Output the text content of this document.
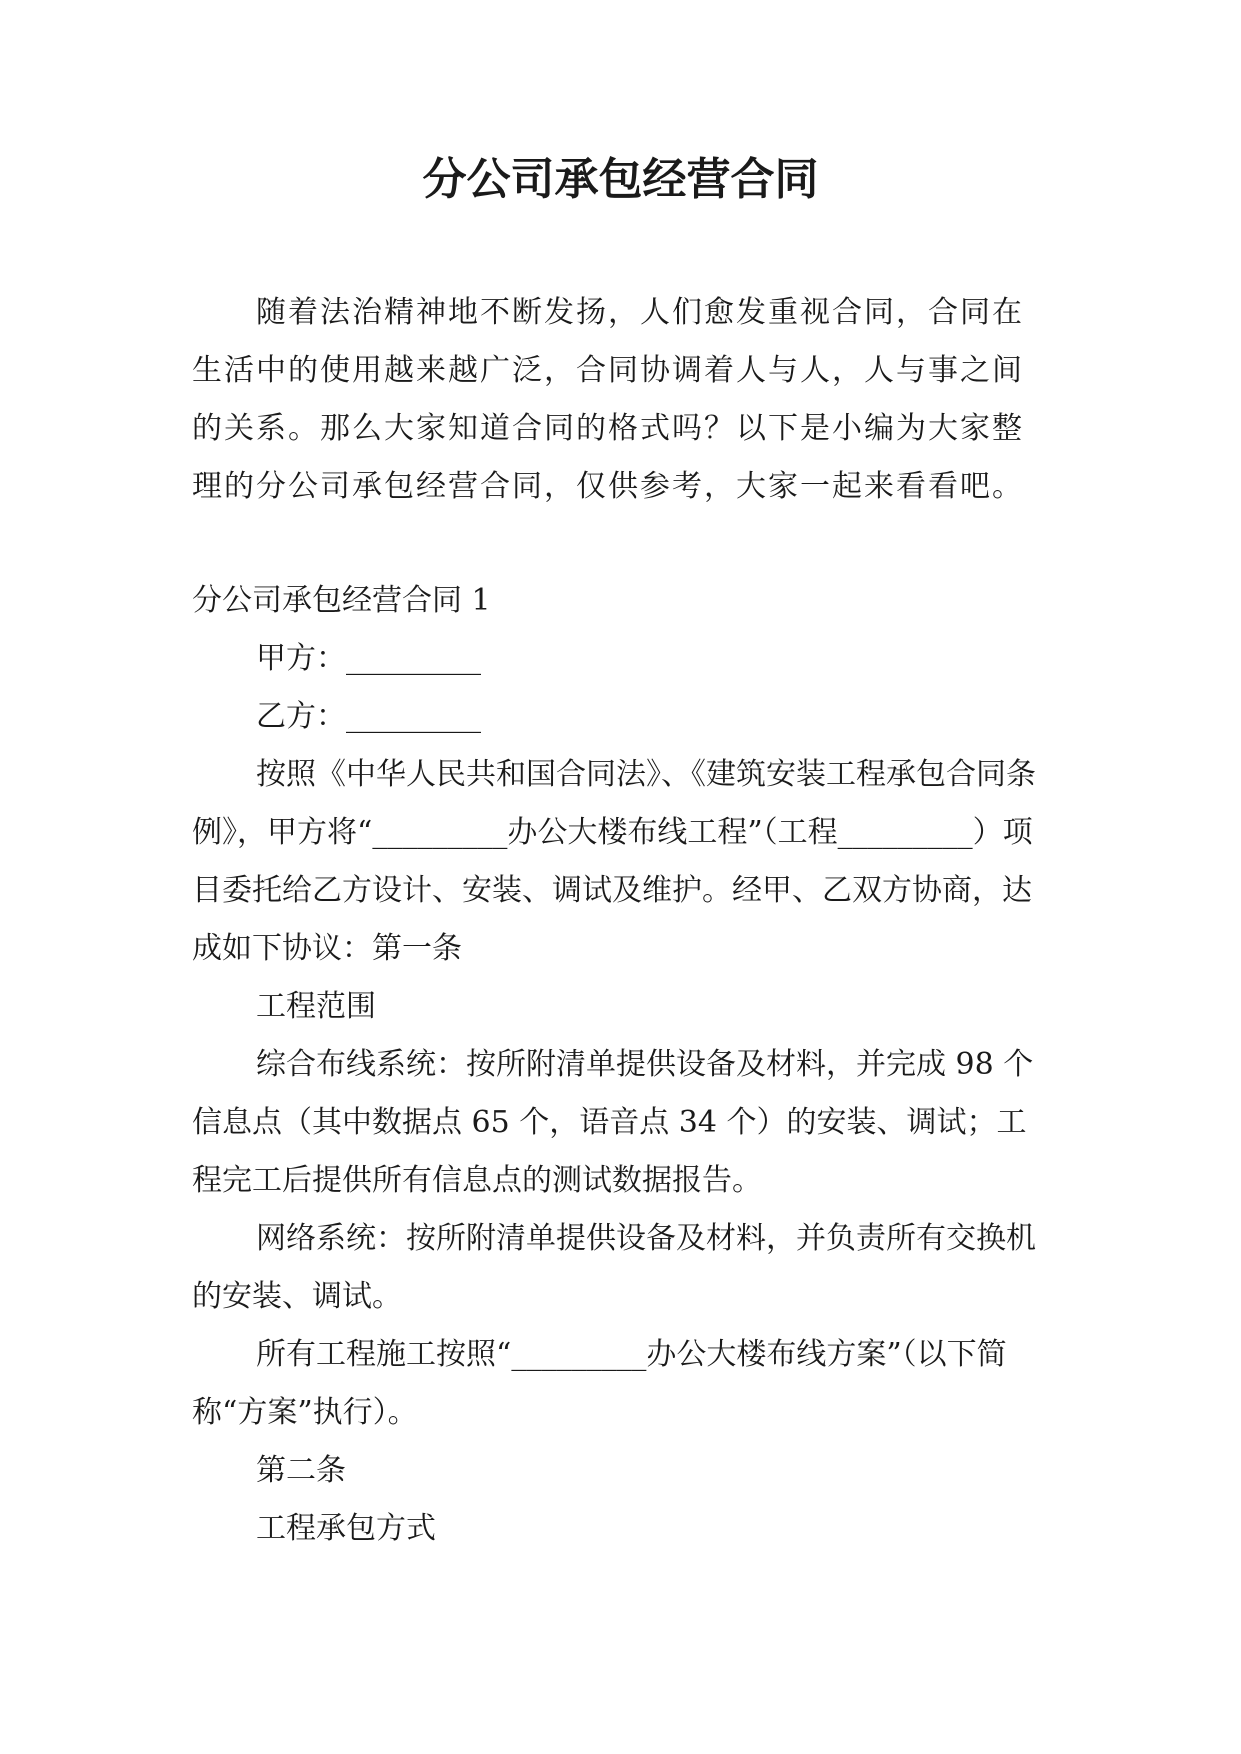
分公司承包经营合同

随着法治精神地不断发扬，人们愈发重视合同，合同在生活中的使用越来越广泛，合同协调着人与人，人与事之间的关系。那么大家知道合同的格式吗？以下是小编为大家整理的分公司承包经营合同，仅供参考，大家一起来看看吧。

分公司承包经营合同 1

甲方：_________

乙方：_________

按照《中华人民共和国合同法》、《建筑安装工程承包合同条例》，甲方将“_________办公大楼布线工程”（工程_________）项目委托给乙方设计、安装、调试及维护。经甲、乙双方协商，达成如下协议：第一条

工程范围

综合布线系统：按所附清单提供设备及材料，并完成 98 个信息点（其中数据点 65 个，语音点 34 个）的安装、调试；工程完工后提供所有信息点的测试数据报告。

网络系统：按所附清单提供设备及材料，并负责所有交换机的安装、调试。

所有工程施工按照“_________办公大楼布线方案”（以下简称“方案”执行）。

第二条

工程承包方式
